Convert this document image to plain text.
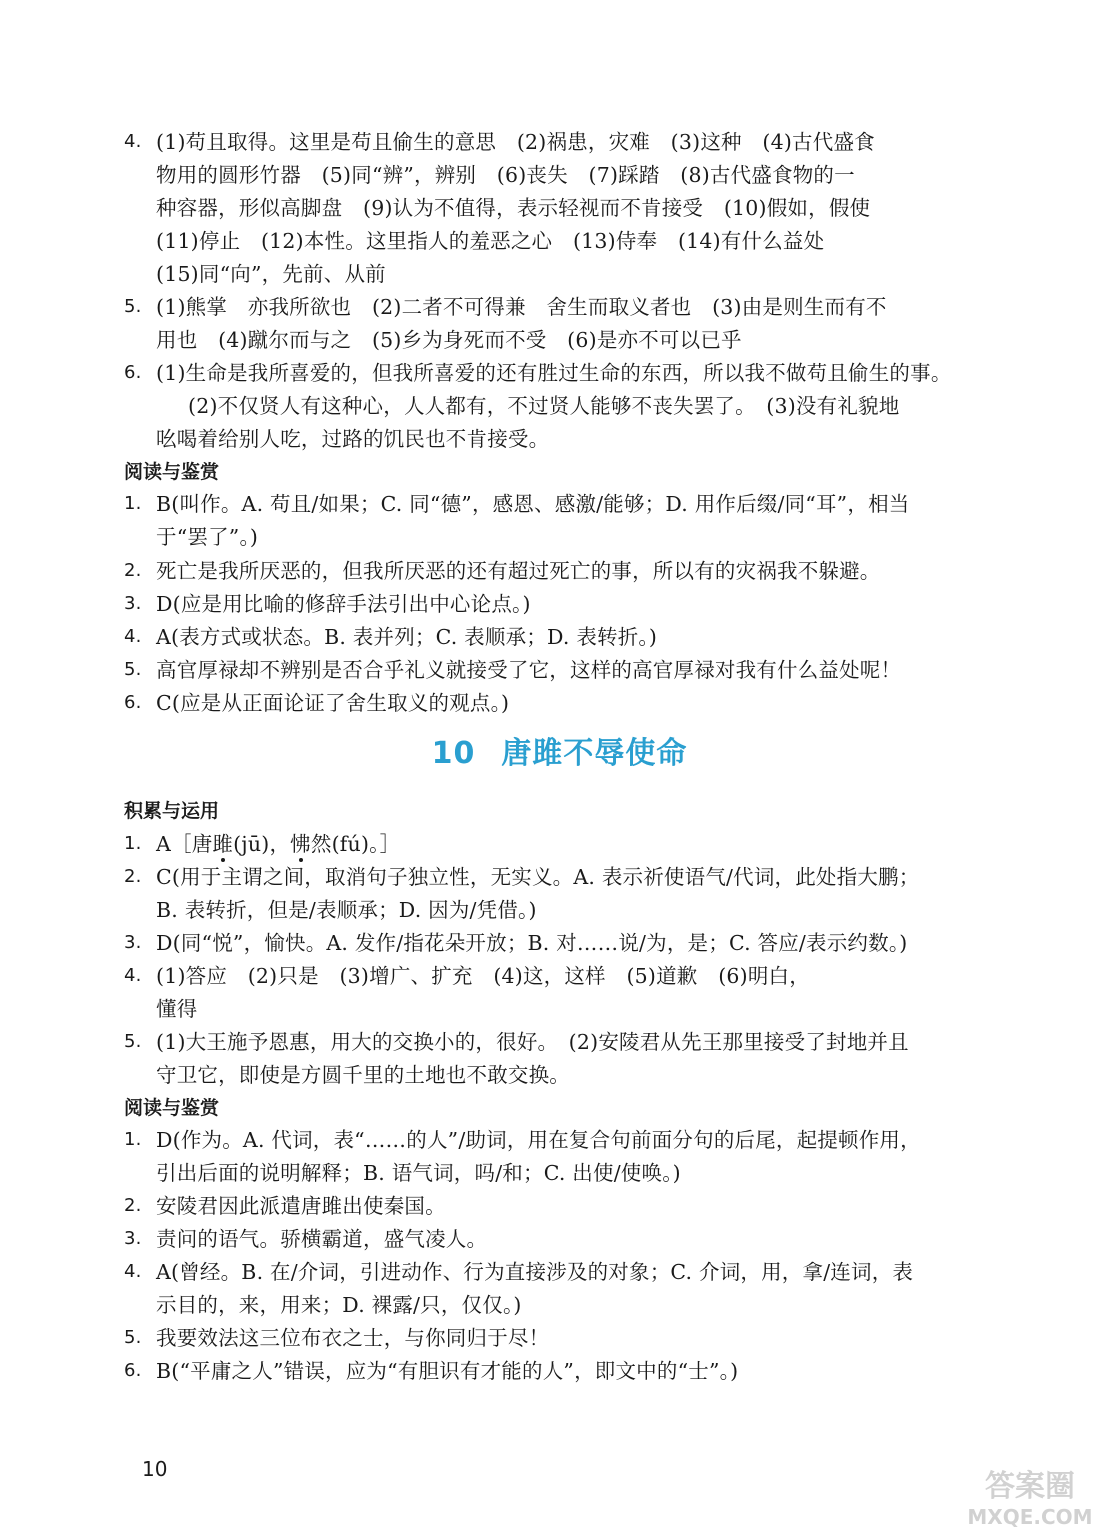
4. (1)苟且取得。这里是苟且偷生的意思　(2)祸患，灾难　(3)这种　(4)古代盛食
物用的圆形竹器　(5)同“辨”，辨别　(6)丧失　(7)踩踏　(8)古代盛食物的一
种容器，形似高脚盘　(9)认为不值得，表示轻视而不肯接受　(10)假如，假使
(11)停止　(12)本性。这里指人的羞恶之心　(13)侍奉　(14)有什么益处
(15)同“向”，先前、从前
5. (1)熊掌　亦我所欲也　(2)二者不可得兼　舍生而取义者也　(3)由是则生而有不
用也　(4)蹴尔而与之　(5)乡为身死而不受　(6)是亦不可以已乎
6. (1)生命是我所喜爱的，但我所喜爱的还有胜过生命的东西，所以我不做苟且偷生的事。
(2)不仅贤人有这种心，人人都有，不过贤人能够不丧失罢了。　(3)没有礼貌地
吆喝着给别人吃，过路的饥民也不肯接受。
阅读与鉴赏
1. B(叫作。A. 苟且/如果；C. 同“德”，感恩、感激/能够；D. 用作后缀/同“耳”，相当
于“罢了”。)
2. 死亡是我所厌恶的，但我所厌恶的还有超过死亡的事，所以有的灾祸我不躲避。
3. D(应是用比喻的修辞手法引出中心论点。)
4. A(表方式或状态。B. 表并列；C. 表顺承；D. 表转折。)
5. 高官厚禄却不辨别是否合乎礼义就接受了它，这样的高官厚禄对我有什么益处呢！
6. C(应是从正面论证了舍生取义的观点。)
10 唐雎不辱使命
积累与运用
1. A［唐雎(jū)，怫然(fú)。］
2. C(用于主谓之间，取消句子独立性，无实义。A. 表示祈使语气/代词，此处指大鹏；
B. 表转折，但是/表顺承；D. 因为/凭借。)
3. D(同“悦”，愉快。A. 发作/指花朵开放；B. 对……说/为，是；C. 答应/表示约数。)
4. (1)答应　(2)只是　(3)增广、扩充　(4)这，这样　(5)道歉　(6)明白，
懂得
5. (1)大王施予恩惠，用大的交换小的，很好。　(2)安陵君从先王那里接受了封地并且
守卫它，即使是方圆千里的土地也不敢交换。
阅读与鉴赏
1. D(作为。A. 代词，表“……的人”/助词，用在复合句前面分句的后尾，起提顿作用，
引出后面的说明解释；B. 语气词，吗/和；C. 出使/使唤。)
2. 安陵君因此派遣唐雎出使秦国。
3. 责问的语气。骄横霸道，盛气凌人。
4. A(曾经。B. 在/介词，引进动作、行为直接涉及的对象；C. 介词，用，拿/连词，表
示目的，来，用来；D. 裸露/只，仅仅。)
5. 我要效法这三位布衣之士，与你同归于尽！
6. B(“平庸之人”错误，应为“有胆识有才能的人”，即文中的“士”。)
10	答案圈
MXQE.COM
